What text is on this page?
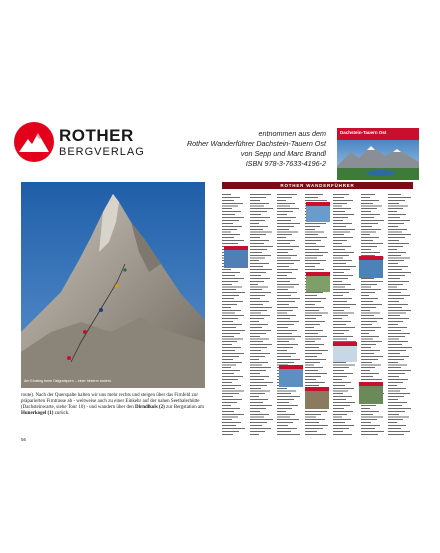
ROTHER
BERGVERLAG
entnommen aus dem
Rother Wanderführer Dachstein-Tauern Ost
von Sepp und Marc Brandl
ISBN 978-3-7633-4196-2
Dachstein-Tauern Ost
Am Einstieg beim Ostgratsporn – einer hinterm andern.
route). Nach der Querspalte halten wir uns mehr rechts und steigen über das Firnfeld zur präparierten Firntrasse ab - weitweise auch zu einer Einkehr auf der nahen Seethalerhütte (Dachsteinwarte, siehe Tour 10) - und wandern über den Dirndlkols (2) zur Bergstation am Hunerkogel (1) zurück.
56
ROTHER WANDERFÜHRER
